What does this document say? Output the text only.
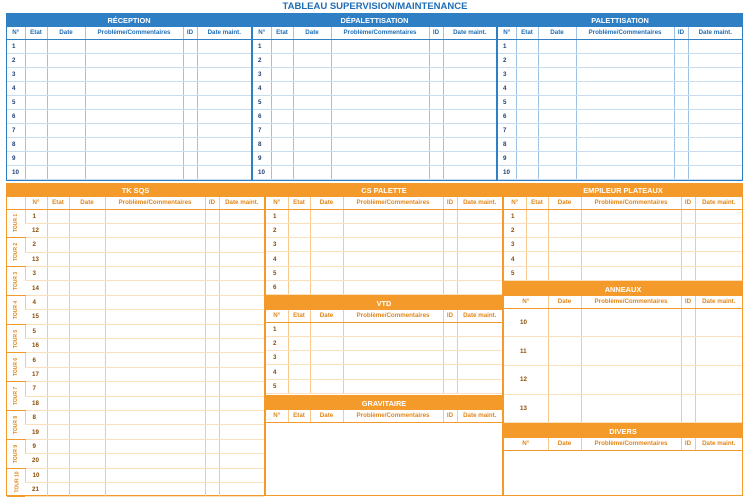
TABLEAU SUPERVISION/MAINTENANCE
RÉCEPTION
N°	Etat	Date	Problème/Commentaires	ID	Date maint.
1					
2					
3					
4					
5					
6					
7					
8					
9					
10					
DÉPALETTISATION
N°	Etat	Date	Problème/Commentaires	ID	Date maint.
1					
2					
3					
4					
5					
6					
7					
8					
9					
10					
PALETTISATION
N°	Etat	Date	Problème/Commentaires	ID	Date maint.
1					
2					
3					
4					
5					
6					
7					
8					
9					
10					
TK SQS
	N°	Etat	Date	Problème/Commentaires	ID	Date maint.
TOUR 1	1					
	12					
TOUR 2	2					
	13					
TOUR 3	3					
	14					
TOUR 4	4					
	15					
TOUR 5	5					
	16					
TOUR 6	6					
	17					
TOUR 7	7					
	18					
TOUR 8	8					
	19					
TOUR 9	9					
	20					
TOUR 10	10					
	21					
CS PALETTE
N°	Etat	Date	Problème/Commentaires	ID	Date maint.
1					
2					
3					
4					
5					
6					
VTD
N°	Etat	Date	Problème/Commentaires	ID	Date maint.
1					
2					
3					
4					
5					
GRAVITAIRE
N°	Etat	Date	Problème/Commentaires	ID	Date maint.
EMPILEUR PLATEAUX
N°	Etat	Date	Problème/Commentaires	ID	Date maint.
1					
2					
3					
4					
5					
ANNEAUX
N°	Date	Problème/Commentaires	ID	Date maint.
10				
11				
12				
13				
DIVERS
N°	Date	Problème/Commentaires	ID	Date maint.
